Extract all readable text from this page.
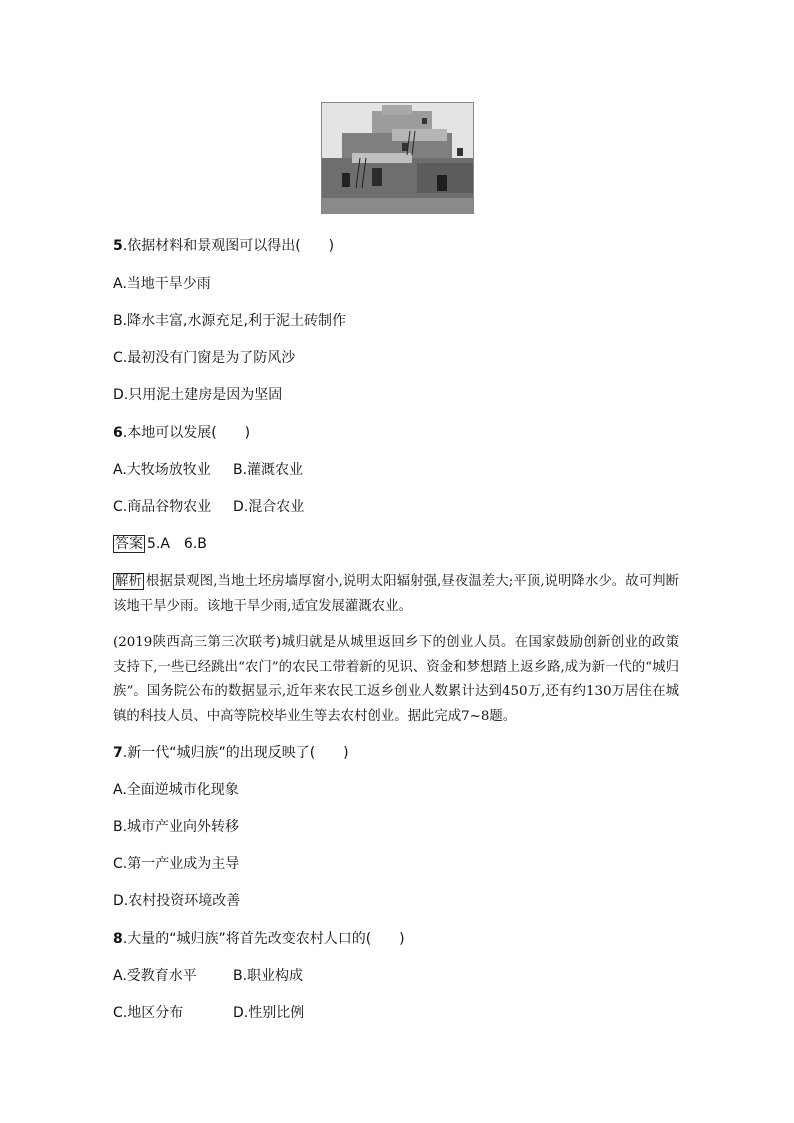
5.依据材料和景观图可以得出(　　)
A.当地干旱少雨
B.降水丰富,水源充足,利于泥土砖制作
C.最初没有门窗是为了防风沙
D.只用泥土建房是因为坚固
6.本地可以发展(　　)
A.大牧场放牧业 B.灌溉农业
C.商品谷物农业 D.混合农业
答案 5.A　6.B
解析 根据景观图,当地土坯房墙厚窗小,说明太阳辐射强,昼夜温差大;平顶,说明降水少。故可判断该地干旱少雨。该地干旱少雨,适宜发展灌溉农业。
(2019陕西高三第三次联考)城归就是从城里返回乡下的创业人员。在国家鼓励创新创业的政策支持下,一些已经跳出“农门”的农民工带着新的见识、资金和梦想踏上返乡路,成为新一代的“城归族”。国务院公布的数据显示,近年来农民工返乡创业人数累计达到450万,还有约130万居住在城镇的科技人员、中高等院校毕业生等去农村创业。据此完成7~8题。
7.新一代“城归族”的出现反映了(　　)
A.全面逆城市化现象
B.城市产业向外转移
C.第一产业成为主导
D.农村投资环境改善
8.大量的“城归族”将首先改变农村人口的(　　)
A.受教育水平	B.职业构成
C.地区分布	D.性别比例
